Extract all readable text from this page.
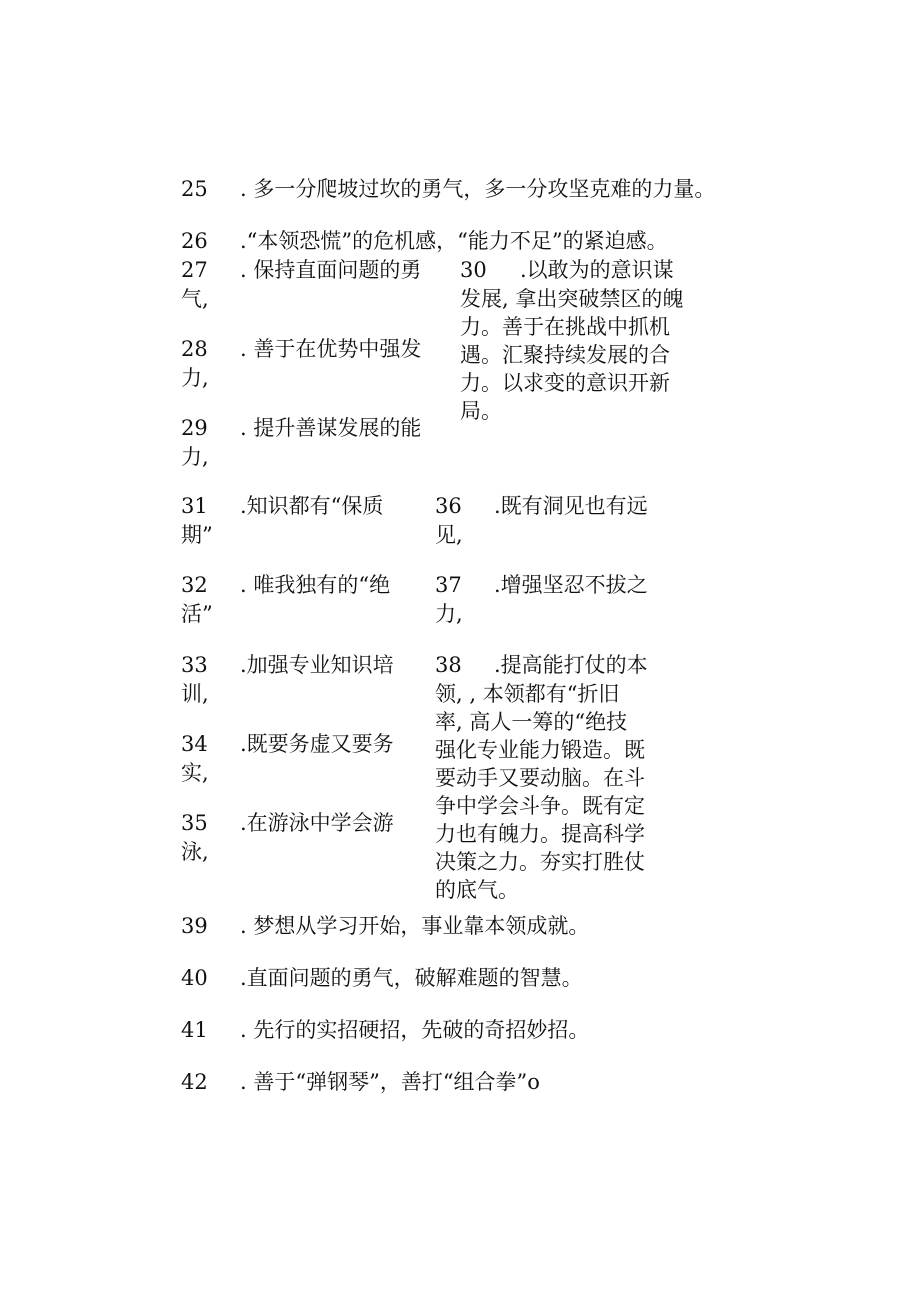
25 . 多一分爬坡过坎的勇气，多一分攻坚克难的力量。
26 .“本领恐慌”的危机感，“能力不足”的紧迫感。
27 . 保持直面问题的勇
气,
28 . 善于在优势中强发
力,
29 . 提升善谋发展的能
力,
30 .以敢为的意识谋
发展, 拿出突破禁区的魄
力。善于在挑战中抓机
遇。汇聚持续发展的合
力。以求变的意识开新
局。
31 .知识都有“保质
期”
32 . 唯我独有的“绝
活”
33 .加强专业知识培
训,
34 .既要务虚又要务
实,
35 .在游泳中学会游
泳,
36 .既有洞见也有远
见,
37 .增强坚忍不拔之
力,
38 .提高能打仗的本
领, , 本领都有“折旧
率, 高人一筹的“绝技
强化专业能力锻造。既
要动手又要动脑。在斗
争中学会斗争。既有定
力也有魄力。提高科学
决策之力。夯实打胜仗
的底气。
39 . 梦想从学习开始，事业靠本领成就。
40 .直面问题的勇气，破解难题的智慧。
41 . 先行的实招硬招，先破的奇招妙招。
42 . 善于“弹钢琴”，善打“组合拳”o
